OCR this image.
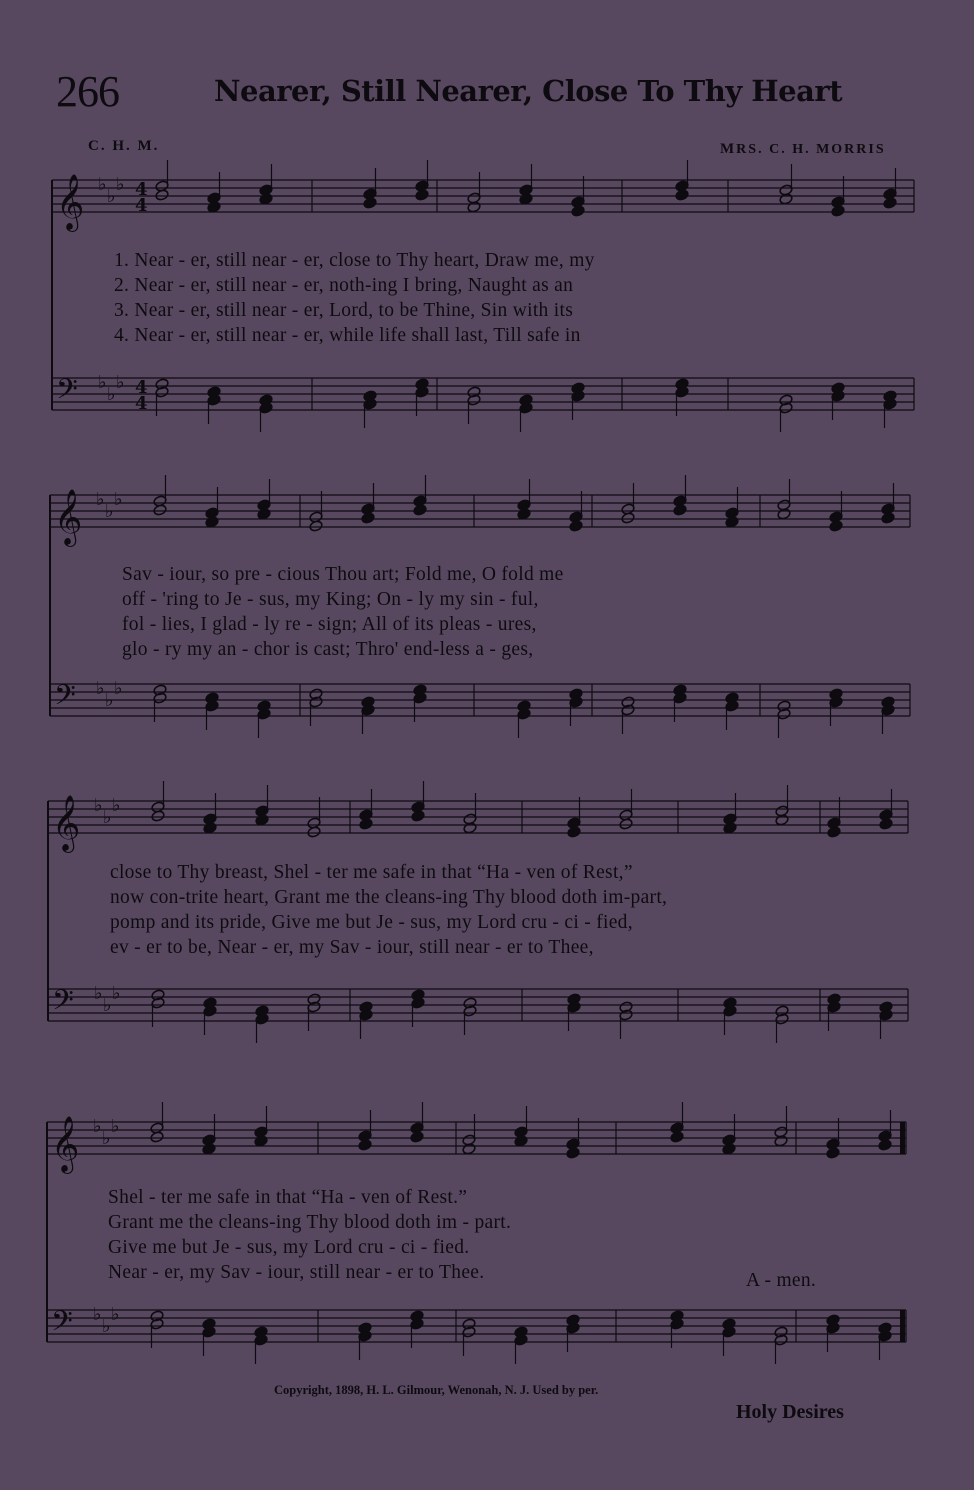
𝄞 ♭
♭
♭
𝄢 ♭
♭
♭
𝄞 ♭
♭
♭
𝄢 ♭
♭
♭
𝄞 ♭
♭
♭
𝄢 ♭
♭
♭
𝄞 ♭
♭
♭
𝄢 ♭
♭
♭
4
4
4
4
266	Nearer, Still Nearer, Close To Thy Heart
C. H. M.	MRS. C. H. MORRIS
1. Near - er, still near - er, close to Thy heart, Draw me, my
2. Near - er, still near - er, noth-ing I bring, Naught as an
3. Near - er, still near - er, Lord, to be Thine, Sin with its
4. Near - er, still near - er, while life shall last, Till safe in
Sav - iour, so pre - cious Thou art; Fold me, O fold me
off - 'ring to Je - sus, my King; On - ly my sin - ful,
fol - lies, I glad - ly re - sign; All of its pleas - ures,
glo - ry my an - chor is cast; Thro' end-less a - ges,
close to Thy breast, Shel - ter me safe in that “Ha - ven of Rest,”
now con-trite heart, Grant me the cleans-ing Thy blood doth im-part,
pomp and its pride, Give me but Je - sus, my Lord cru - ci - fied,
ev - er to be, Near - er, my Sav - iour, still near - er to Thee,
Shel - ter me safe in that “Ha - ven of Rest.”
Grant me the cleans-ing Thy blood doth im - part.
Give me but Je - sus, my Lord cru - ci - fied.
Near - er, my Sav - iour, still near - er to Thee.	A - men.
Copyright, 1898, H. L. Gilmour, Wenonah, N. J. Used by per.
Holy Desires
